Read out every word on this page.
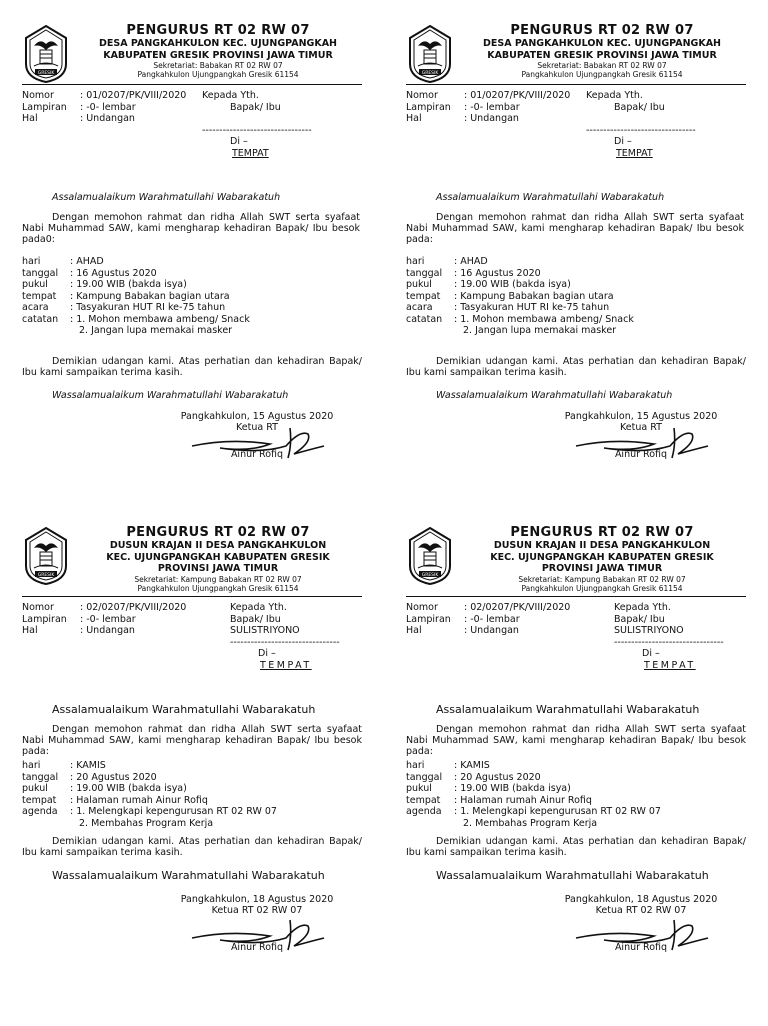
GRESIK
PENGURUS RT 02 RW 07
DESA PANGKAHKULON KEC. UJUNGPANGKAH
KABUPATEN GRESIK PROVINSI JAWA TIMUR
Sekretariat: Babakan RT 02 RW 07
Pangkahkulon Ujungpangkah Gresik 61154
Nomor	: 01/0207/PK/VIII/2020
Lampiran	: -0- lembar
Hal	: Undangan
Kepada Yth.
Bapak/ Ibu
--------------------------------
Di –
TEMPAT
Assalamualaikum Warahmatullahi Wabarakatuh
Dengan memohon rahmat dan ridha Allah SWT serta syafaat Nabi Muhammad SAW, kami mengharap kehadiran Bapak/ Ibu besok pada0:
hari	: AHAD
tanggal	: 16 Agustus 2020
pukul	: 19.00 WIB (bakda isya)
tempat	: Kampung Babakan bagian utara
acara	: Tasyakuran HUT RI ke-75 tahun
catatan	: 1. Mohon membawa ambeng/ Snack
2. Jangan lupa memakai masker
Demikian udangan kami. Atas perhatian dan kehadiran Bapak/ Ibu kami sampaikan terima kasih.
Wassalamualaikum Warahmatullahi Wabarakatuh
Pangkahkulon, 15 Agustus 2020
Ketua RT
Ainur Rofiq
GRESIK
PENGURUS RT 02 RW 07
DESA PANGKAHKULON KEC. UJUNGPANGKAH
KABUPATEN GRESIK PROVINSI JAWA TIMUR
Sekretariat: Babakan RT 02 RW 07
Pangkahkulon Ujungpangkah Gresik 61154
Nomor	: 01/0207/PK/VIII/2020
Lampiran	: -0- lembar
Hal	: Undangan
Kepada Yth.
Bapak/ Ibu
--------------------------------
Di –
TEMPAT
Assalamualaikum Warahmatullahi Wabarakatuh
Dengan memohon rahmat dan ridha Allah SWT serta syafaat Nabi Muhammad SAW, kami mengharap kehadiran Bapak/ Ibu besok pada:
hari	: AHAD
tanggal	: 16 Agustus 2020
pukul	: 19.00 WIB (bakda isya)
tempat	: Kampung Babakan bagian utara
acara	: Tasyakuran HUT RI ke-75 tahun
catatan	: 1. Mohon membawa ambeng/ Snack
2. Jangan lupa memakai masker
Demikian udangan kami. Atas perhatian dan kehadiran Bapak/ Ibu kami sampaikan terima kasih.
Wassalamualaikum Warahmatullahi Wabarakatuh
Pangkahkulon, 15 Agustus 2020
Ketua RT
Ainur Rofiq
GRESIK
PENGURUS RT 02 RW 07
DUSUN KRAJAN II DESA PANGKAHKULON
KEC. UJUNGPANGKAH KABUPATEN GRESIK
PROVINSI JAWA TIMUR
Sekretariat: Kampung Babakan RT 02 RW 07
Pangkahkulon Ujungpangkah Gresik 61154
Nomor	: 02/0207/PK/VIII/2020
Lampiran	: -0- lembar
Hal	: Undangan
Kepada Yth.
Bapak/ Ibu
SULISTRIYONO
--------------------------------
Di –
TEMPAT
Assalamualaikum Warahmatullahi Wabarakatuh
Dengan memohon rahmat dan ridha Allah SWT serta syafaat Nabi Muhammad SAW, kami mengharap kehadiran Bapak/ Ibu besok pada:
hari	: KAMIS
tanggal	: 20 Agustus 2020
pukul	: 19.00 WIB (bakda isya)
tempat	: Halaman rumah Ainur Rofiq
agenda	: 1. Melengkapi kepengurusan RT 02 RW 07
2. Membahas Program Kerja
Demikian udangan kami. Atas perhatian dan kehadiran Bapak/ Ibu kami sampaikan terima kasih.
Wassalamualaikum Warahmatullahi Wabarakatuh
Pangkahkulon, 18 Agustus 2020
Ketua RT 02 RW 07
Ainur Rofiq
GRESIK
PENGURUS RT 02 RW 07
DUSUN KRAJAN II DESA PANGKAHKULON
KEC. UJUNGPANGKAH KABUPATEN GRESIK
PROVINSI JAWA TIMUR
Sekretariat: Kampung Babakan RT 02 RW 07
Pangkahkulon Ujungpangkah Gresik 61154
Nomor	: 02/0207/PK/VIII/2020
Lampiran	: -0- lembar
Hal	: Undangan
Kepada Yth.
Bapak/ Ibu
SULISTRIYONO
--------------------------------
Di –
TEMPAT
Assalamualaikum Warahmatullahi Wabarakatuh
Dengan memohon rahmat dan ridha Allah SWT serta syafaat Nabi Muhammad SAW, kami mengharap kehadiran Bapak/ Ibu besok pada:
hari	: KAMIS
tanggal	: 20 Agustus 2020
pukul	: 19.00 WIB (bakda isya)
tempat	: Halaman rumah Ainur Rofiq
agenda	: 1. Melengkapi kepengurusan RT 02 RW 07
2. Membahas Program Kerja
Demikian udangan kami. Atas perhatian dan kehadiran Bapak/ Ibu kami sampaikan terima kasih.
Wassalamualaikum Warahmatullahi Wabarakatuh
Pangkahkulon, 18 Agustus 2020
Ketua RT 02 RW 07
Ainur Rofiq
